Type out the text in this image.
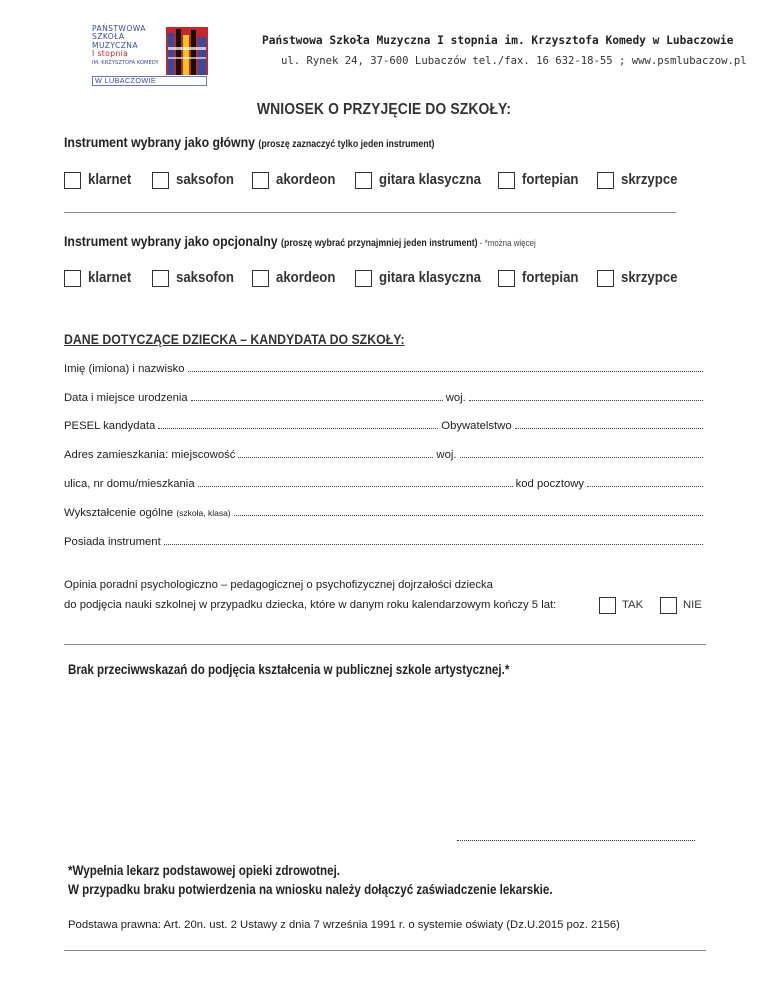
PAŃSTWOWA
SZKOŁA
MUZYCZNA
I stopnia
IM. KRZYSZTOFA KOMEDY
W LUBACZOWIE
Państwowa Szkoła Muzyczna I stopnia im. Krzysztofa Komedy w Lubaczowie
ul. Rynek 24, 37-600 Lubaczów tel./fax. 16 632-18-55 ; www.psmlubaczow.pl
WNIOSEK O PRZYJĘCIE DO SZKOŁY:
Instrument wybrany jako główny (proszę zaznaczyć tylko jeden instrument)
klarnet	saksofon	akordeon	gitara klasyczna	fortepian	skrzypce
Instrument wybrany jako opcjonalny (proszę wybrać przynajmniej jeden instrument) - *można więcej
klarnet	saksofon	akordeon	gitara klasyczna	fortepian	skrzypce
DANE DOTYCZĄCE DZIECKA – KANDYDATA DO SZKOŁY:
Imię (imiona) i nazwisko
Data i miejsce urodzenia	woj.
PESEL kandydata	Obywatelstwo
Adres zamieszkania: miejscowość	woj.
ulica, nr domu/mieszkania	kod pocztowy
Wykształcenie ogólne (szkoła, klasa)
Posiada instrument
Opinia poradni psychologiczno – pedagogicznej o psychofizycznej dojrzałości dziecka
do podjęcia nauki szkolnej w przypadku dziecka, które w danym roku kalendarzowym kończy 5 lat:	TAK	NIE
Brak przeciwwskazań do podjęcia kształcenia w publicznej szkole artystycznej.*
*Wypełnia lekarz podstawowej opieki zdrowotnej.
W przypadku braku potwierdzenia na wniosku należy dołączyć zaświadczenie lekarskie.
Podstawa prawna: Art. 20n. ust. 2 Ustawy z dnia 7 września 1991 r. o systemie oświaty (Dz.U.2015 poz. 2156)
